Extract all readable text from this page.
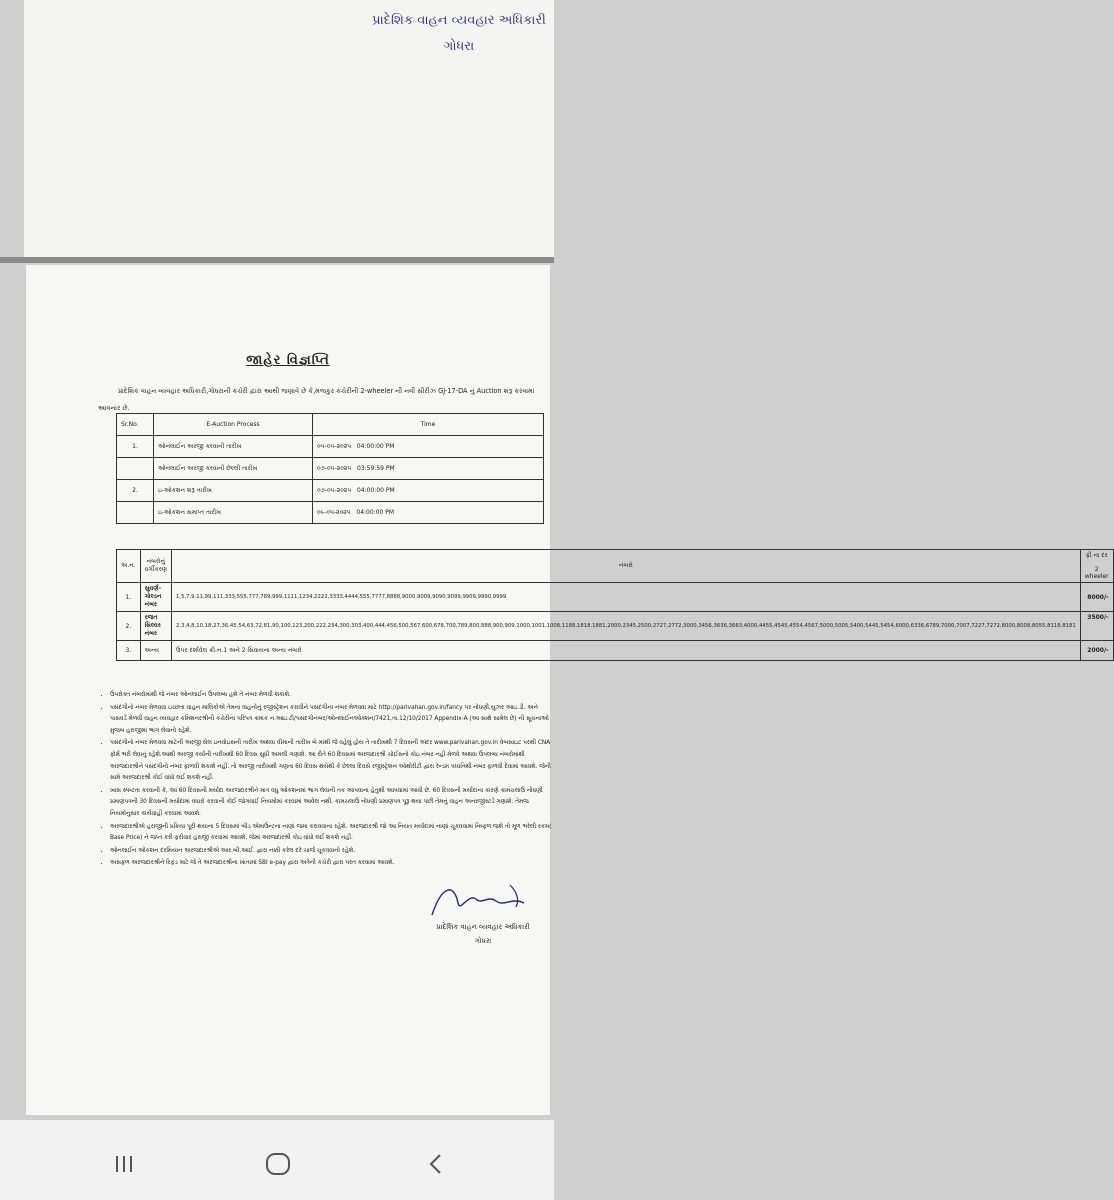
પ્રાદેશિક વાહન વ્યવહાર અધિકારી
ગોધરા
જાહેર વિજ્ઞપ્તિ
પ્રાદેશિક વાહન વ્યવહાર અધિકારી,ગોધરાની કચેરી દ્વારા આથી જણાવે છે કે,મજકુર કચેરીની 2-wheeler ની નવી સીરીઝ GJ-17-DA નું Auction શરૂ કરવામાં આવનાર છે.
Sr.No.	E-Auction Process	Time
1.	ઓનલાઈન અરજી કરવાની તારીખ	૦૫-૦૫-૨૦૨૫ 04:00:00 PM
	ઓનલાઈન અરજી કરવાની છેલ્લી તારીખ	૦૭-૦૫-૨૦૨૫ 03:59:59 PM
2.	ઇ-ઓકશન શરૂ તારીખ	૦૭-૦૫-૨૦૨૫ 04:00:00 PM
	ઇ-ઓકશન સમાપ્ત તારીખ	૦૯-૦૫-૨૦૨૫ 04:00:00 PM
અ.ન.	નંબરોનું વર્ગીકરણ	નંબરો	ફી ના દર
2 wheeler

1.	સુવર્ણ-ગોલ્ડન નંબર	1,5,7,9,11,99,111,333,555,777,789,999,1111,1234,2222,3333,4444,555,7777,8888,9000,9009,9090,9099,9909,9990,9999	8000/-
2.	રજત સિલ્વર નંબર	2,3,4,8,10,18,27,36,45,54,63,72,81,90,100,123,200,222,234,300,303,400,444,456,500,567,600,678,700,789,800,888,900,909,1000,1001,1008,1188,1818,1881,2000,2345,2500,2727,2772,3000,3456,3636,3663,4000,4455,4545,4554,4567,5000,5005,5400,5445,5454,6000,6336,6789,7000,7007,7227,7272,8000,8008,8055,8118,8181	3500/-
3.	અન્ય	ઉપર દર્શાવેલ ક્રી.ન.1 અને 2 સિવાયના અન્ય નંબરો	2000/-
• ઉપરોક્ત નંબરોમાંથી જે નંબર ઓનલાઈન ઉપલબ્ધ હશે તે નંબર મેળવી શકાશે.
• પસંદગીનો નંબર મેળવવા ઇચ્છતા વાહન માલિકોએ તેમના વાહનોનું રજીસ્ટ્રેશન કરાવીને પસંદગીના નંબર મેળવવા માટે http://parivahan.gov.in/fancy પર નોંધણી,યુઝર આઇ.ડી. અને પાસવર્ડ મેળવી વાહન વ્યવહાર કમિશનરશ્રીની કચેરીના પરિપત્ર ક્રમાંક ન.આઇ.ટી/પસંદગીનંબર/ઓનલાઈનઓક્શન/7421,તા.12/10/2017 Appendix-A (આ સાથે સામેલ છે) ની સૂચનાઓ મુજબ હરાજીમાં ભાગ લેવાનો રહેશે.
• પસંદગીનો નંબર મેળવવા માટેની અરજી સેલ ઇનવોઇસની તારીખ અથવા વીમાની તારીખ બે માંથી જે વહેલું હોય તે તારીખથી 7 દિવસની અંદર www.parivahan.gov.in વેબસાઇટ પરથી CNA ફોર્મ ભરી લેવાનું રહેશે.આથી અરજી કર્યાની તારીખથી 60 દિવસ સુધી અમલી ગણાશે. આ રીતે 60 દિવસમાં અરજદારશ્રી ચોઈસનો કોઇ નંબર નહી મેળવે અથવા ઉપલબ્ધ નંબરોમાંથી અરજદારશ્રીને પસંદગીનો નંબર ફાળવી શકાશે નહીં. તો અરજી તારીખથી ગણતા 60 દિવસ થયેથી કે છેલ્લા દિવસે રજીસ્ટ્રેશન ઓથોરીટી દ્વારા રેન્ડમ પધ્ધતિથી નંબર ફાળવી દેવામાં આવશે. જેની સામે અરજદારશ્રી કોઈ વાંધો લઈ શકશે નહીં.
• ખાસ સ્પષ્ટતા કરવાની કે, આ 60 દિવસની મર્યાદા અરજદારશ્રીને માત્ર વધુ ઓકશનમાં ભાગ લેવાની તક આપવાના હેતુથી આપવામાં આવી છે. 60 દિવસની મર્યાદાના કારણે કામચલાઉ નોંધણી પ્રમાણપત્રની 30 દિવસની મર્યાદામાં વધારો કરવાની કોઈ જોગવાઈ નિયમોમાં કરવામાં આવેલ નથી. કામચલાઉ નોંધણી પ્રમાણપત્ર પૂરૂ થયા પછી તેમનું વાહન અનરજીસ્ટર્ડ ગણાશે. તેમજ નિયમોનુસાર કાર્યવાહી કરવામાં આવશે.
• અરજદારશ્રીએ હરાજીની પ્રક્રિયા પૂરી થયાના 5 દિવસમાં બીડ એમાઉન્ટના નાણાં જમા કરાવવાના રહેશે. અરજદારશ્રી જો આ નિયત મર્યાદામાં નાણાં ચૂકવવામાં નિષ્ફળ જશે તો મૂળ ભરેલી રકમ( Base Price) ને જપ્ત કરી ફરીવાર હરાજી કરવામાં આવશે, જેમાં અરજદારશ્રી કોઇ વાંધો લઈ શકશે નહીં.
• ઓનલાઈન ઓકશન દરમિયાન અરજદારશ્રીએ આર.બી.આઈ. દ્વારા નક્કી કરેલ દરે ચાર્જ ચૂકવવાનો રહેશે.
• અસફળ અરજદારશ્રીને રિફંડ માટે જે તે અરજદારશ્રીના ખાતામાં SBI e-pay દ્વારા અત્રેની કચેરી દ્વારા પરત કરવામાં આવશે.
પ્રાદેશિક વાહન વ્યવહાર અધિકારી
ગોધરા
